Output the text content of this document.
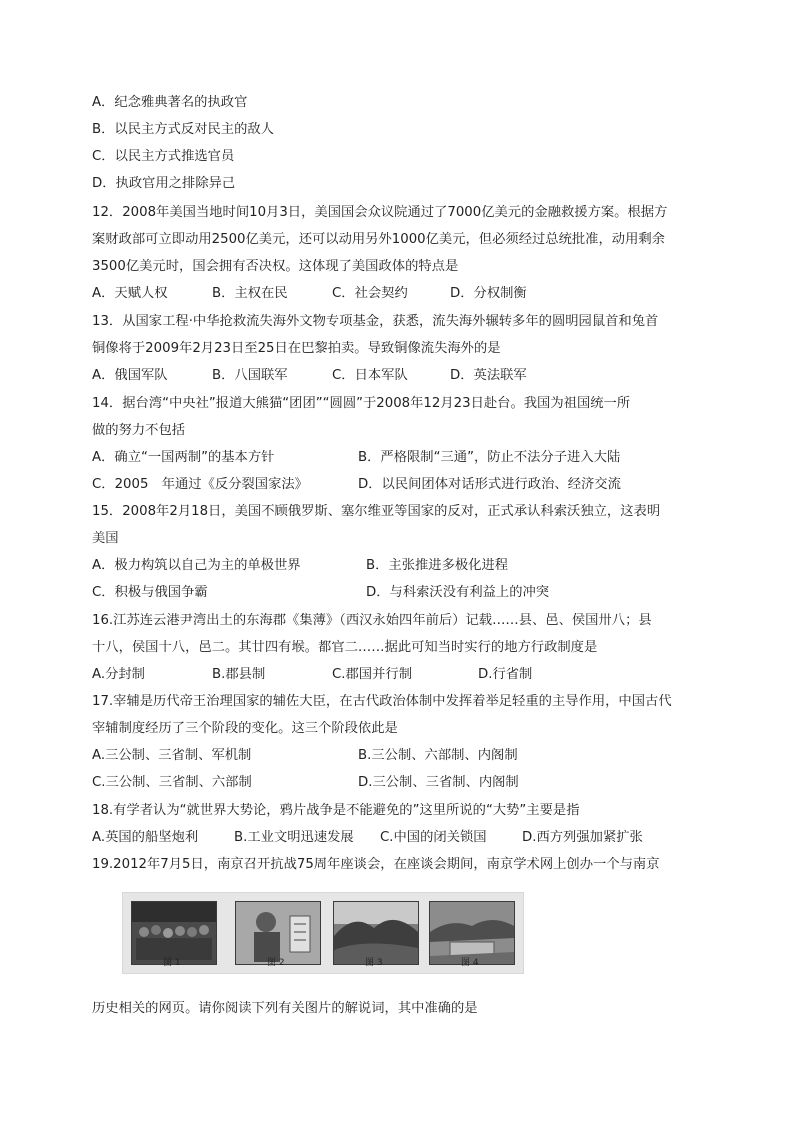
A．纪念雅典著名的执政官
B．以民主方式反对民主的敌人
C．以民主方式推选官员
D．执政官用之排除异己
12．2008年美国当地时间10月3日，美国国会众议院通过了7000亿美元的金融救援方案。根据方
案财政部可立即动用2500亿美元，还可以动用另外1000亿美元，但必须经过总统批准，动用剩余
3500亿美元时，国会拥有否决权。这体现了美国政体的特点是
A．天赋人权	B．主权在民	C．社会契约	D．分权制衡
13．从国家工程·中华抢救流失海外文物专项基金，获悉，流失海外辗转多年的圆明园鼠首和兔首
铜像将于2009年2月23日至25日在巴黎拍卖。导致铜像流失海外的是
A．俄国军队	B．八国联军	C．日本军队	D．英法联军
14．据台湾“中央社”报道大熊猫“团团”“圆圆”于2008年12月23日赴台。我国为祖国统一所
做的努力不包括
A．确立“一国两制”的基本方针	B．严格限制“三通”，防止不法分子进入大陆
C．2005　年通过《反分裂国家法》	D．以民间团体对话形式进行政治、经济交流
15．2008年2月18日，美国不顾俄罗斯、塞尔维亚等国家的反对，正式承认科索沃独立，这表明
美国
A．极力构筑以自己为主的单极世界	B．主张推进多极化进程
C．积极与俄国争霸	D．与科索沃没有利益上的冲突
16.江苏连云港尹湾出土的东海郡《集薄》（西汉永始四年前后）记载……县、邑、侯国卅八；县
十八，侯国十八，邑二。其廿四有堠。都官二……据此可知当时实行的地方行政制度是
A.分封制	B.郡县制	C.郡国并行制	D.行省制
17.宰辅是历代帝王治理国家的辅佐大臣，在古代政治体制中发挥着举足轻重的主导作用，中国古代
宰辅制度经历了三个阶段的变化。这三个阶段依此是
A.三公制、三省制、军机制	B.三公制、六部制、内阁制
C.三公制、三省制、六部制	D.三公制、三省制、内阁制
18.有学者认为“就世界大势论，鸦片战争是不能避免的”这里所说的“大势”主要是指
A.英国的船坚炮利	B.工业文明迅速发展 C.中国的闭关锁国	D.西方列强加紧扩张
19.2012年7月5日，南京召开抗战75周年座谈会，在座谈会期间，南京学术网上创办一个与南京
图 1	图 2	图 3	图 4
历史相关的网页。请你阅读下列有关图片的解说词，其中准确的是
